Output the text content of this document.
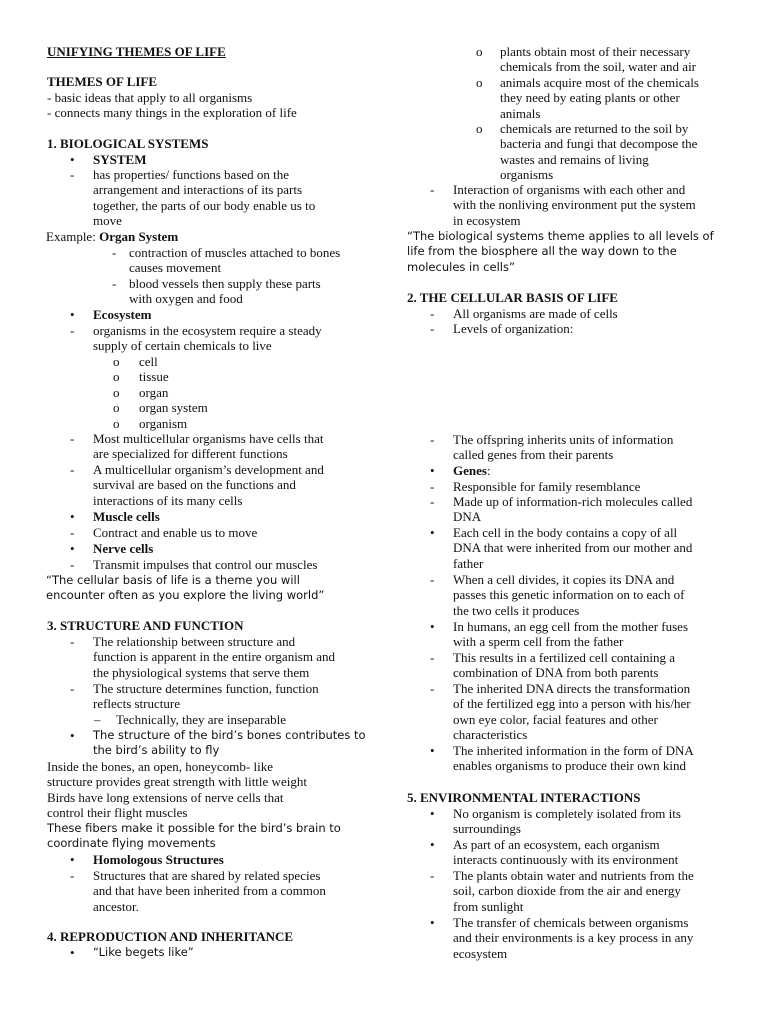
UNIFYING THEMES OF LIFE
THEMES OF LIFE
- basic ideas that apply to all organisms
- connects many things in the exploration of life
1. BIOLOGICAL SYSTEMS
• SYSTEM
- has properties/ functions based on the
arrangement and interactions of its parts
together, the parts of our body enable us to
move
Example: Organ System
- contraction of muscles attached to bones
causes movement
- blood vessels then supply these parts
with oxygen and food
• Ecosystem
- organisms in the ecosystem require a steady
supply of certain chemicals to live
o cell
o tissue
o organ
o organ system
o organism
- Most multicellular organisms have cells that
are specialized for different functions
- A multicellular organism’s development and
survival are based on the functions and
interactions of its many cells
• Muscle cells
- Contract and enable us to move
• Nerve cells
- Transmit impulses that control our muscles
“The cellular basis of life is a theme you will
encounter often as you explore the living world”
3. STRUCTURE AND FUNCTION
- The relationship between structure and
function is apparent in the entire organism and
the physiological systems that serve them
- The structure determines function, function
reflects structure
– Technically, they are inseparable
• The structure of the bird’s bones contributes to
the bird’s ability to fly
Inside the bones, an open, honeycomb- like
structure provides great strength with little weight
Birds have long extensions of nerve cells that
control their flight muscles
These fibers make it possible for the bird’s brain to
coordinate flying movements
• Homologous Structures
- Structures that are shared by related species
and that have been inherited from a common
ancestor.
4. REPRODUCTION AND INHERITANCE
• “Like begets like”
o plants obtain most of their necessary
chemicals from the soil, water and air
o animals acquire most of the chemicals
they need by eating plants or other
animals
o chemicals are returned to the soil by
bacteria and fungi that decompose the
wastes and remains of living
organisms
- Interaction of organisms with each other and
with the nonliving environment put the system
in ecosystem
“The biological systems theme applies to all levels of
life from the biosphere all the way down to the
molecules in cells”
2. THE CELLULAR BASIS OF LIFE
- All organisms are made of cells
- Levels of organization:
- The offspring inherits units of information
called genes from their parents
• Genes:
- Responsible for family resemblance
- Made up of information-rich molecules called
DNA
• Each cell in the body contains a copy of all
DNA that were inherited from our mother and
father
- When a cell divides, it copies its DNA and
passes this genetic information on to each of
the two cells it produces
• In humans, an egg cell from the mother fuses
with a sperm cell from the father
- This results in a fertilized cell containing a
combination of DNA from both parents
- The inherited DNA directs the transformation
of the fertilized egg into a person with his/her
own eye color, facial features and other
characteristics
• The inherited information in the form of DNA
enables organisms to produce their own kind
5. ENVIRONMENTAL INTERACTIONS
• No organism is completely isolated from its
surroundings
• As part of an ecosystem, each organism
interacts continuously with its environment
- The plants obtain water and nutrients from the
soil, carbon dioxide from the air and energy
from sunlight
• The transfer of chemicals between organisms
and their environments is a key process in any
ecosystem
